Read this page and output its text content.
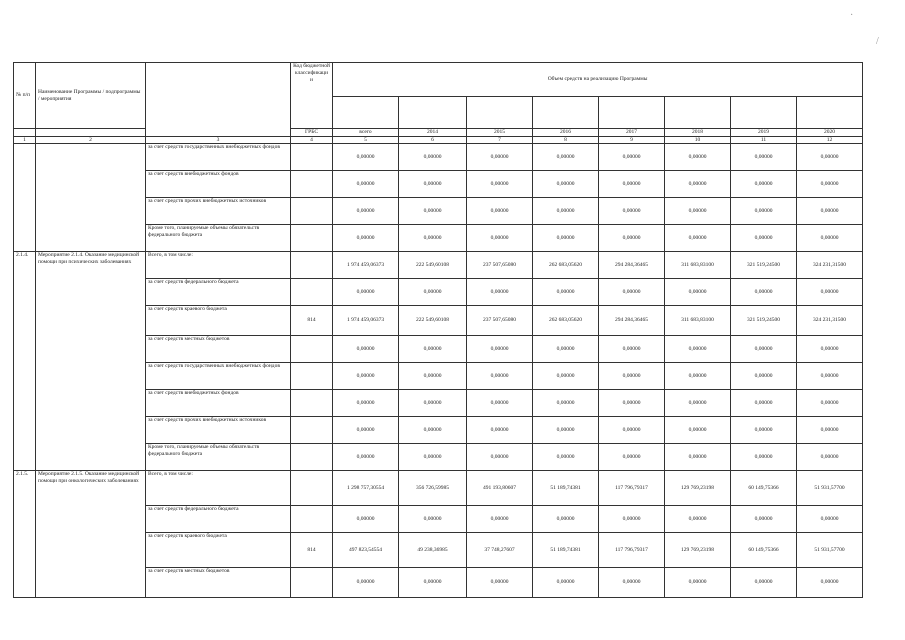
·
/
№ п/п	Наименование Программы / подпрограммы / мероприятия		Код бюджетной классификаци и	Объем средств на реализацию Программы							

			ГРБС	всего	2014	2015	2016	2017	2018	2019	2020
1	2	3	4	5	6	7	8	9	10	11	12
		за счет средств государственных внебюджетных фондов		0,00000	0,00000	0,00000	0,00000	0,00000	0,00000	0,00000	0,00000
		за счет средств внебюджетных фондов		0,00000	0,00000	0,00000	0,00000	0,00000	0,00000	0,00000	0,00000
		за счет средств прочих внебюджетных источников		0,00000	0,00000	0,00000	0,00000	0,00000	0,00000	0,00000	0,00000
		Кроме того, планируемые объемы обязательств федерального бюджета		0,00000	0,00000	0,00000	0,00000	0,00000	0,00000	0,00000	0,00000
2.1.4.	Мероприятие 2.1.4. Оказание медицинской помощи при психических заболеваниях	Всего, в том числе:		1 974 459,06373	222 549,60108	237 507,65080	262 683,05620	294 284,36465	311 683,83100	321 519,24500	324 231,31500
		за счет средств федерального бюджета		0,00000	0,00000	0,00000	0,00000	0,00000	0,00000	0,00000	0,00000
		за счет средств краевого бюджета	814	1 974 459,06373	222 549,60108	237 507,65080	262 683,05620	294 284,36465	311 683,83100	321 519,24500	324 231,31500
		за счет средств местных бюджетов		0,00000	0,00000	0,00000	0,00000	0,00000	0,00000	0,00000	0,00000
		за счет средств государственных внебюджетных фондов		0,00000	0,00000	0,00000	0,00000	0,00000	0,00000	0,00000	0,00000
		за счет средств внебюджетных фондов		0,00000	0,00000	0,00000	0,00000	0,00000	0,00000	0,00000	0,00000
		за счет средств прочих внебюджетных источников		0,00000	0,00000	0,00000	0,00000	0,00000	0,00000	0,00000	0,00000
		Кроме того, планируемые объемы обязательств федерального бюджета		0,00000	0,00000	0,00000	0,00000	0,00000	0,00000	0,00000	0,00000
2.1.5.	Мероприятие 2.1.5. Оказание медицинской помощи при онкологических заболеваниях	Всего, в том числе:		1 298 757,30554	356 726,59985	491 193,80607	51 189,74381	117 796,79317	129 769,23198	60 149,75366	51 931,57700
		за счет средств федерального бюджета		0,00000	0,00000	0,00000	0,00000	0,00000	0,00000	0,00000	0,00000
		за счет средств краевого бюджета	814	497 823,54554	49 238,36985	37 748,27607	51 189,74381	117 796,79317	129 769,23198	60 149,75366	51 931,57700
		за счет средств местных бюджетов		0,00000	0,00000	0,00000	0,00000	0,00000	0,00000	0,00000	0,00000
